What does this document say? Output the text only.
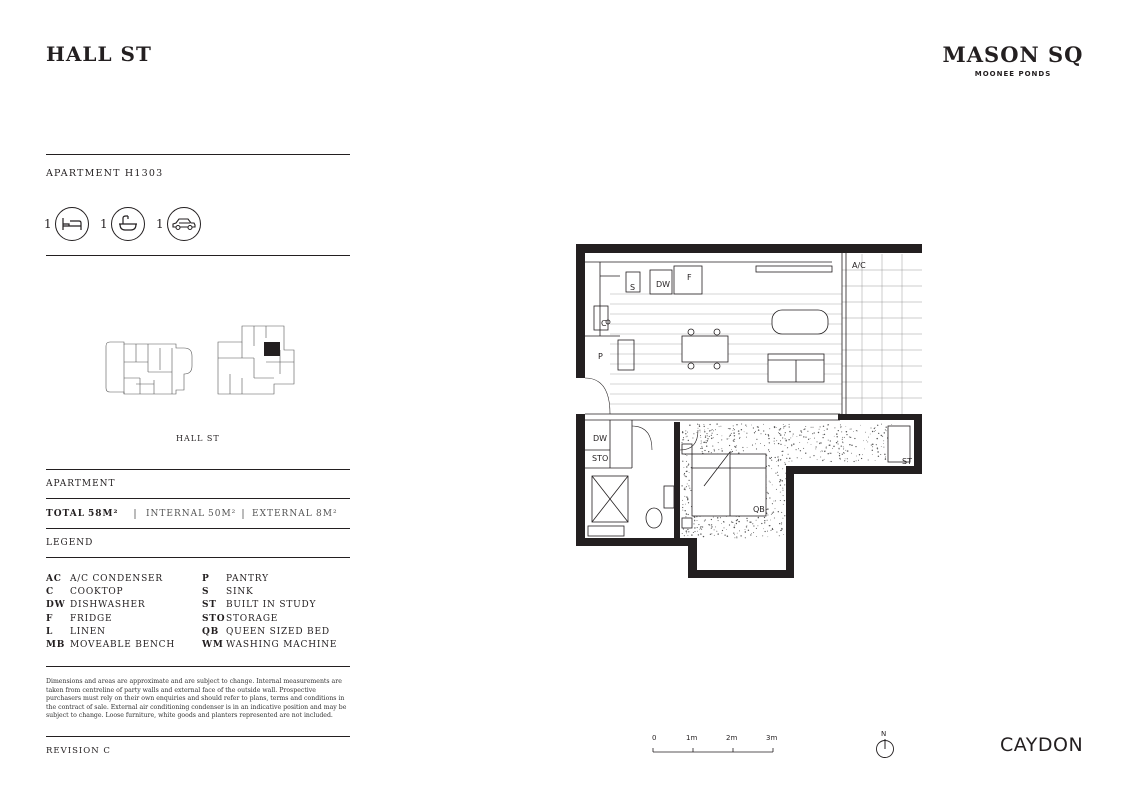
HALL ST	MASON SQ
MOONEE PONDS
APARTMENT H1303
1	1	1
HALL ST
APARTMENT
TOTAL 58M²	INTERNAL 50M²	EXTERNAL 8M²
LEGEND
AC A/C CONDENSER	P	PANTRY
C	COOKTOP	S	SINK
DW DISHWASHER	ST	BUILT IN STUDY
F	FRIDGE	STO STORAGE
L	LINEN	QB QUEEN SIZED BED
MB MOVEABLE BENCH	WM WASHING MACHINE
Dimensions and areas are approximate and are subject to change. Internal measurements are taken from centreline of party walls and external face of the outside wall. Prospective purchasers must rely on their own enquiries and should refer to plans, terms and conditions in the contract of sale. External air conditioning condenser is in an indicative position and may be subject to change. Loose furniture, white goods and planters represented are not included.
REVISION C
A/C
S	DW
F
C
P
DW
STO
QB
ST
0	1m	2m	3m	N	CAYDON
